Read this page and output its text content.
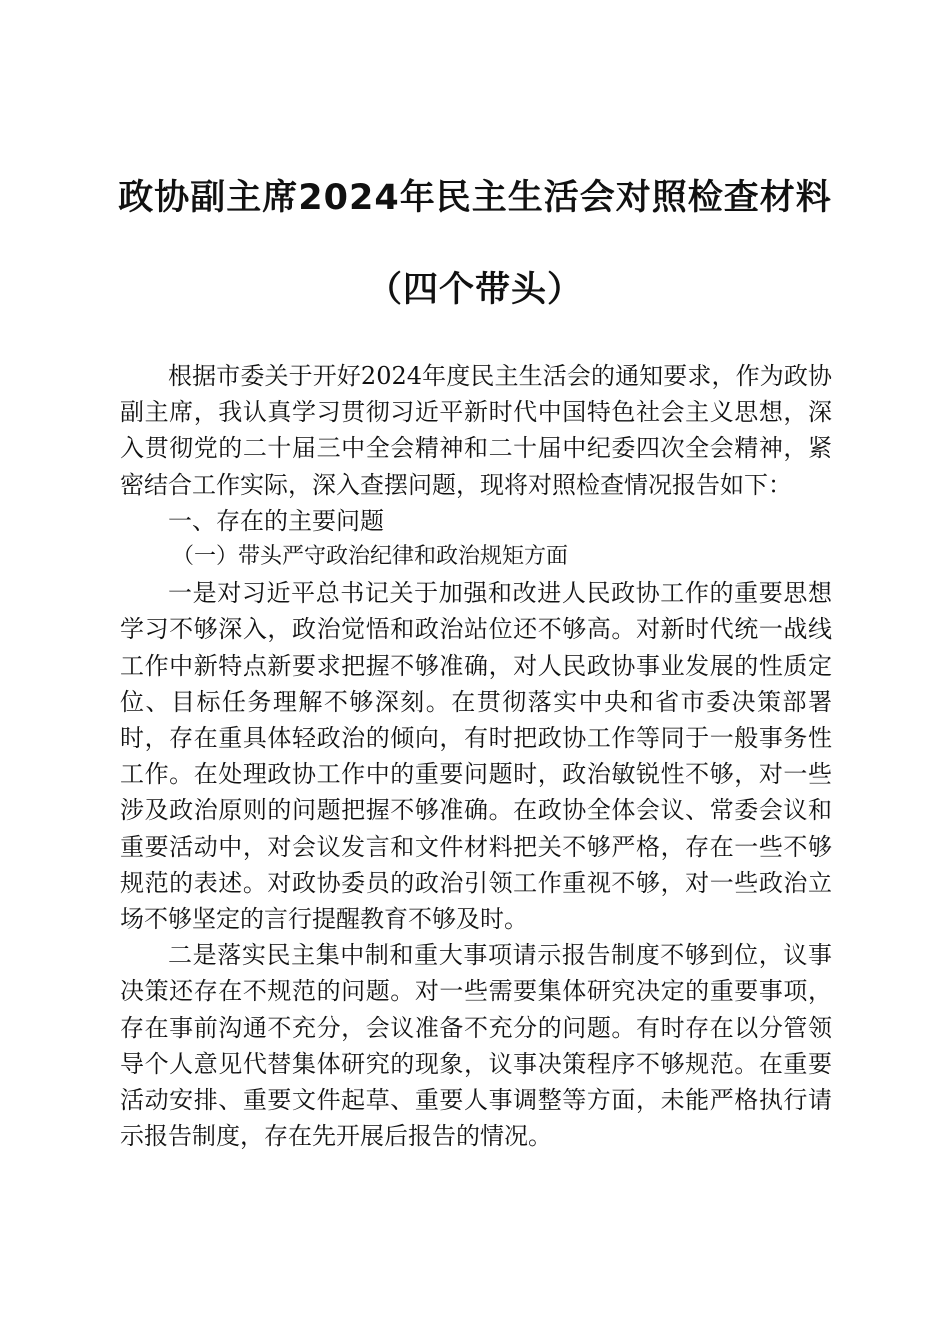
政协副主席2024年民主生活会对照检查材料
（四个带头）

根据市委关于开好2024年度民主生活会的通知要求，作为政协副主席，我认真学习贯彻习近平新时代中国特色社会主义思想，深入贯彻党的二十届三中全会精神和二十届中纪委四次全会精神，紧密结合工作实际，深入查摆问题，现将对照检查情况报告如下：

一、存在的主要问题

（一）带头严守政治纪律和政治规矩方面

一是对习近平总书记关于加强和改进人民政协工作的重要思想学习不够深入，政治觉悟和政治站位还不够高。对新时代统一战线工作中新特点新要求把握不够准确，对人民政协事业发展的性质定位、目标任务理解不够深刻。在贯彻落实中央和省市委决策部署时，存在重具体轻政治的倾向，有时把政协工作等同于一般事务性工作。在处理政协工作中的重要问题时，政治敏锐性不够，对一些涉及政治原则的问题把握不够准确。在政协全体会议、常委会议和重要活动中，对会议发言和文件材料把关不够严格，存在一些不够规范的表述。对政协委员的政治引领工作重视不够，对一些政治立场不够坚定的言行提醒教育不够及时。

二是落实民主集中制和重大事项请示报告制度不够到位，议事决策还存在不规范的问题。对一些需要集体研究决定的重要事项，存在事前沟通不充分，会议准备不充分的问题。有时存在以分管领导个人意见代替集体研究的现象，议事决策程序不够规范。在重要活动安排、重要文件起草、重要人事调整等方面，未能严格执行请示报告制度，存在先开展后报告的情况。
